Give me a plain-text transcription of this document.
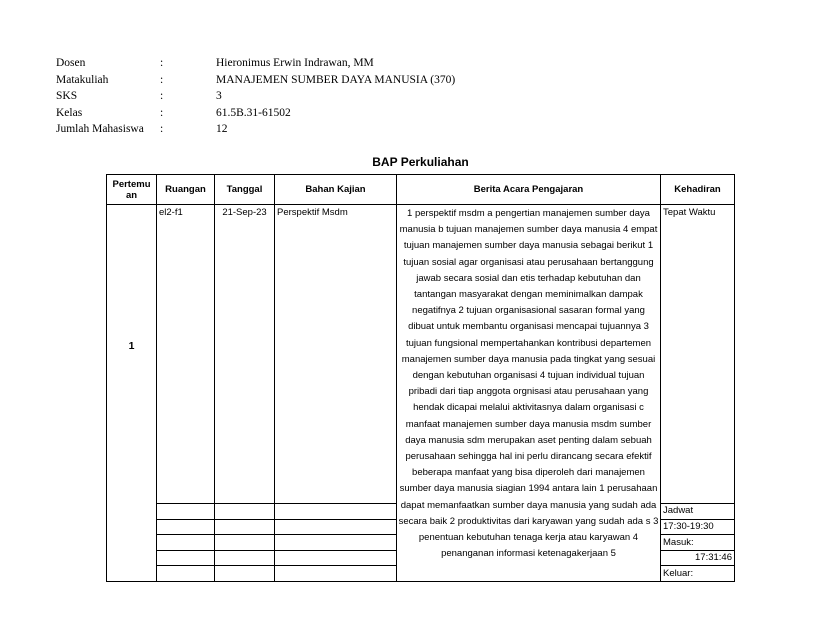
Dosen	:	Hieronimus Erwin Indrawan, MM
Matakuliah	:	MANAJEMEN SUMBER DAYA MANUSIA (370)
SKS	:	3
Kelas	:	61.5B.31-61502
Jumlah Mahasiswa :	12
BAP Perkuliahan
Pertemu
an	Ruangan	Tanggal	Bahan Kajian	Berita Acara Pengajaran	Kehadiran
1	el2-f1	21-Sep-23	Perspektif Msdm	1 perspektif msdm a pengertian manajemen sumber daya manusia b tujuan manajemen sumber daya manusia 4 empat tujuan manajemen sumber daya manusia sebagai berikut 1 tujuan sosial agar organisasi atau perusahaan bertanggung jawab secara sosial dan etis terhadap kebutuhan dan tantangan masyarakat dengan meminimalkan dampak negatifnya 2 tujuan organisasional sasaran formal yang dibuat untuk membantu organisasi mencapai tujuannya 3 tujuan fungsional mempertahankan kontribusi departemen manajemen sumber daya manusia pada tingkat yang sesuai dengan kebutuhan organisasi 4 tujuan individual tujuan pribadi dari tiap anggota orgnisasi atau perusahaan yang hendak dicapai melalui aktivitasnya dalam organisasi c manfaat manajemen sumber daya manusia msdm sumber daya manusia sdm merupakan aset penting dalam sebuah perusahaan sehingga hal ini perlu dirancang secara efektif beberapa manfaat yang bisa diperoleh dari manajemen sumber daya manusia siagian 1994 antara lain 1 perusahaan dapat memanfaatkan sumber daya manusia yang sudah ada secara baik 2 produktivitas dari karyawan yang sudah ada s 3 penentuan kebutuhan tenaga kerja atau karyawan 4 penanganan informasi ketenagakerjaan 5	Tepat Waktu
					Jadwat
					17:30-19:30
					Masuk:
					17:31:46
					Keluar:
